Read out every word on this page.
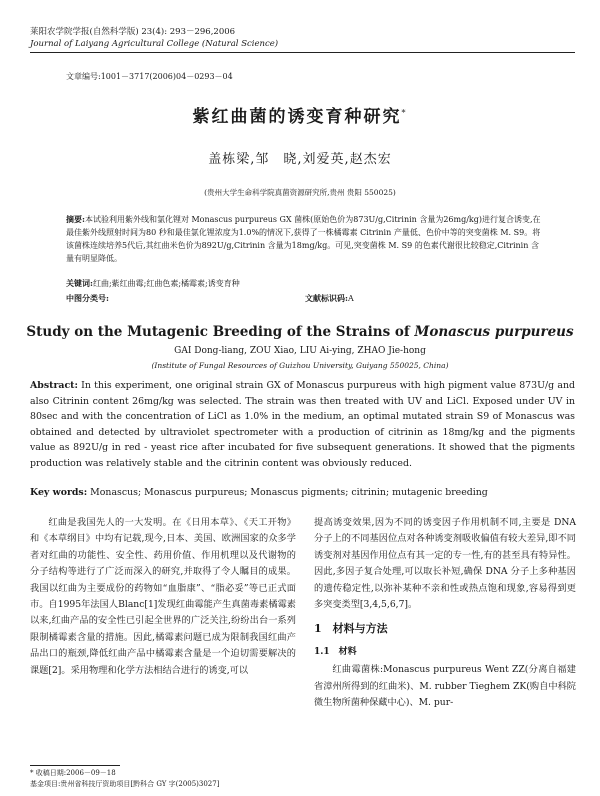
莱阳农学院学报(自然科学版) 23(4): 293－296,2006
Journal of Laiyang Agricultural College (Natural Science)
文章编号:1001－3717(2006)04－0293－04
紫红曲菌的诱变育种研究*
盖栋梁,邹　晓,刘爱英,赵杰宏
(贵州大学生命科学院真菌资源研究所,贵州 贵阳 550025)
摘要:本试验利用紫外线和氯化锂对 Monascus purpureus GX 菌株(原始色价为873U/g,Citrinin 含量为26mg/kg)进行复合诱变,在最佳紫外线照射时间为80 秒和最佳氯化锂浓度为1.0%的情况下,获得了一株橘霉素 Citrinin 产量低、色价中等的突变菌株 M. S9。将该菌株连续培养5代后,其红曲米色价为892U/g,Citrinin 含量为18mg/kg。可见,突变菌株 M. S9 的色素代谢很比较稳定,Citrinin 含量有明显降低。
关键词:红曲;紫红曲霉;红曲色素;橘霉素;诱变育种
中图分类号:	文献标识码:A
Study on the Mutagenic Breeding of the Strains of Monascus purpureus
GAI Dong-liang, ZOU Xiao, LIU Ai-ying, ZHAO Jie-hong
(Institute of Fungal Resources of Guizhou University, Guiyang 550025, China)
Abstract: In this experiment, one original strain GX of Monascus purpureus with high pigment value 873U/g and also Citrinin content 26mg/kg was selected. The strain was then treated with UV and LiCl. Exposed under UV in 80sec and with the concentration of LiCl as 1.0% in the medium, an optimal mutated strain S9 of Monascus was obtained and detected by ultraviolet spectrometer with a production of citrinin as 18mg/kg and the pigments value as 892U/g in red - yeast rice after incubated for five subsequent generations. It showed that the pigments production was relatively stable and the citrinin content was obviously reduced.
Key words: Monascus; Monascus purpureus; Monascus pigments; citrinin; mutagenic breeding
红曲是我国先人的一大发明。在《日用本草》、《天工开物》和《本草纲目》中均有记载,现今,日本、美国、欧洲国家的众多学者对红曲的功能性、安全性、药用价值、作用机理以及代谢物的分子结构等进行了广泛而深入的研究,并取得了令人瞩目的成果。我国以红曲为主要成份的药物如“血脂康”、“脂必妥”等已正式面市。自1995年法国人Blanc[1]发现红曲霉能产生真菌毒素橘霉素以来,红曲产品的安全性已引起全世界的广泛关注,纷纷出台一系列限制橘霉素含量的措施。因此,橘霉素问题已成为限制我国红曲产品出口的瓶颈,降低红曲产品中橘霉素含量是一个迫切需要解决的课题[2]。采用物理和化学方法相结合进行的诱变,可以

提高诱变效果,因为不同的诱变因子作用机制不同,主要是 DNA 分子上的不同基因位点对各种诱变剂吸收偏值有较大差异,即不同诱变剂对基因作用位点有其一定的专一性,有的甚至具有特异性。因此,多因子复合处理,可以取长补短,确保 DNA 分子上多种基因的遗传稳定性,以弥补某种不亲和性或热点饱和现象,容易得到更多突变类型[3,4,5,6,7]。

1　材料与方法
1.1　材料

红曲霉菌株:Monascus purpureus Went ZZ(分离自福建省漳州所得到的红曲米)、M. rubber Tieghem ZK(购自中科院微生物所菌种保藏中心)、M. pur-

* 收稿日期:2006－09－18
基金项目:贵州省科技厅资助项目[黔科合 GY 字(2005)3027]
